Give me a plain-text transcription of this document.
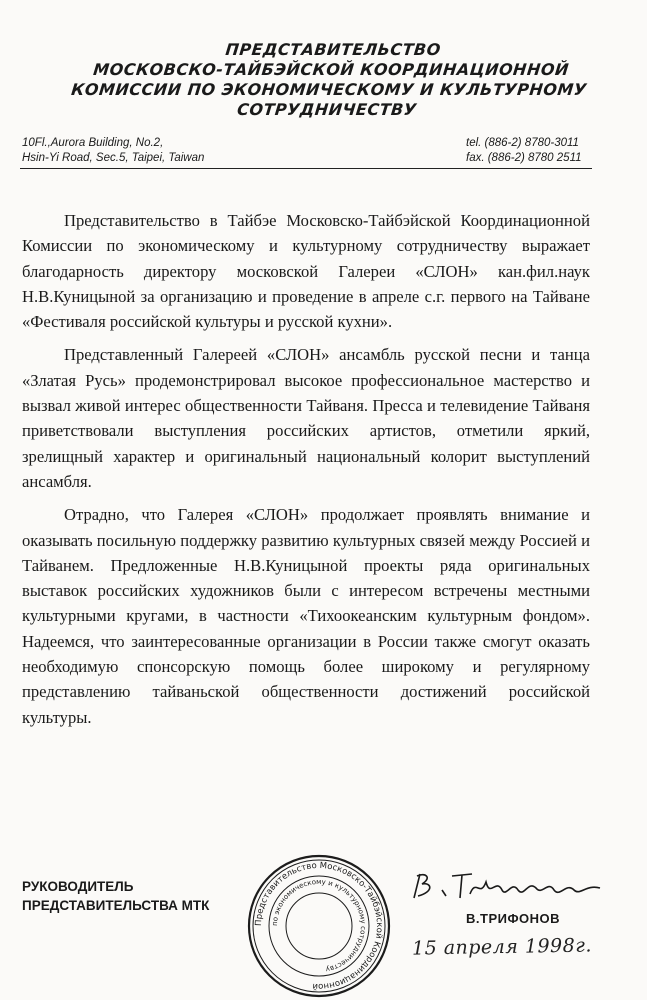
ПРЕДСТАВИТЕЛЬСТВО
МОСКОВСКО-ТАЙБЭЙСКОЙ КООРДИНАЦИОННОЙ
КОМИССИИ ПО ЭКОНОМИЧЕСКОМУ И КУЛЬТУРНОМУ
СОТРУДНИЧЕСТВУ
10Fl.,Aurora Building, No.2,
Hsin-Yi Road, Sec.5, Taipei, Taiwan
tel. (886-2) 8780-3011
fax. (886-2) 8780 2511

Представительство в Тайбэе Московско-Тайбэйской Координационной Комиссии по экономическому и культурному сотрудничеству выражает благодарность директору московской Галереи «СЛОН» кан.фил.наук Н.В.Куницыной за организацию и проведение в апреле с.г. первого на Тайване «Фестиваля российской культуры и русской кухни».

Представленный Галереей «СЛОН» ансамбль русской песни и танца «Златая Русь» продемонстрировал высокое профессиональное мастерство и вызвал живой интерес общественности Тайваня. Пресса и телевидение Тайваня приветствовали выступления российских артистов, отметили яркий, зрелищный характер и оригинальный национальный колорит выступлений ансамбля.

Отрадно, что Галерея «СЛОН» продолжает проявлять внимание и оказывать посильную поддержку развитию культурных связей между Россией и Тайванем. Предложенные Н.В.Куницыной проекты ряда оригинальных выставок российских художников были с интересом встречены местными культурными кругами, в частности «Тихоокеанским культурным фондом». Надеемся, что заинтересованные организации в России также смогут оказать необходимую спонсорскую помощь более широкому и регулярному представлению тайваньской общественности достижений российской культуры.

РУКОВОДИТЕЛЬ
ПРЕДСТАВИТЕЛЬСТВА МТК
Представительство Московско-Тайбэйской Координационной
по экономическому и культурному сотрудничеству
В.ТРИФОНОВ
15 апреля 1998г.
